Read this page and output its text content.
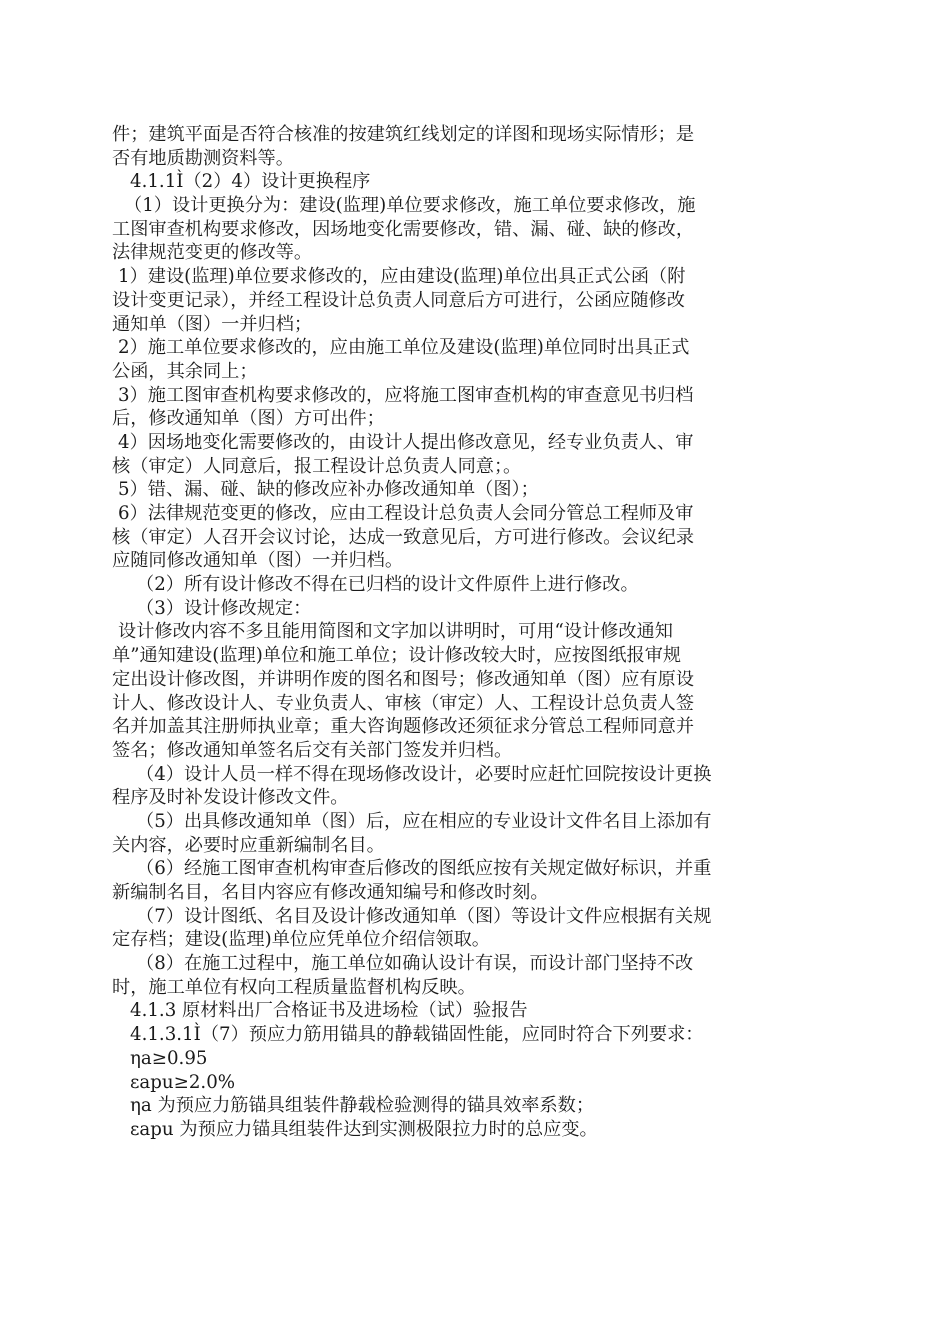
件；建筑平面是否符合核准的按建筑红线划定的详图和现场实际情形；是
否有地质勘测资料等。
4.1.1Ì（2）4）设计更换程序
（1）设计更换分为：建设(监理)单位要求修改，施工单位要求修改，施
工图审查机构要求修改，因场地变化需要修改，错、漏、碰、缺的修改，
法律规范变更的修改等。
1）建设(监理)单位要求修改的，应由建设(监理)单位出具正式公函（附
设计变更记录），并经工程设计总负责人同意后方可进行，公函应随修改
通知单（图）一并归档；
2）施工单位要求修改的，应由施工单位及建设(监理)单位同时出具正式
公函，其余同上；
3）施工图审查机构要求修改的，应将施工图审查机构的审查意见书归档
后，修改通知单（图）方可出件；
4）因场地变化需要修改的，由设计人提出修改意见，经专业负责人、审
核（审定）人同意后，报工程设计总负责人同意；。
5）错、漏、碰、缺的修改应补办修改通知单（图）；
6）法律规范变更的修改，应由工程设计总负责人会同分管总工程师及审
核（审定）人召开会议讨论，达成一致意见后，方可进行修改。会议纪录
应随同修改通知单（图）一并归档。
（2）所有设计修改不得在已归档的设计文件原件上进行修改。
（3）设计修改规定：
设计修改内容不多且能用简图和文字加以讲明时，可用“设计修改通知
单”通知建设(监理)单位和施工单位；设计修改较大时，应按图纸报审规
定出设计修改图，并讲明作废的图名和图号；修改通知单（图）应有原设
计人、修改设计人、专业负责人、审核（审定）人、工程设计总负责人签
名并加盖其注册师执业章；重大咨询题修改还须征求分管总工程师同意并
签名；修改通知单签名后交有关部门签发并归档。
（4）设计人员一样不得在现场修改设计，必要时应赶忙回院按设计更换
程序及时补发设计修改文件。
（5）出具修改通知单（图）后，应在相应的专业设计文件名目上添加有
关内容，必要时应重新编制名目。
（6）经施工图审查机构审查后修改的图纸应按有关规定做好标识，并重
新编制名目，名目内容应有修改通知编号和修改时刻。
（7）设计图纸、名目及设计修改通知单（图）等设计文件应根据有关规
定存档；建设(监理)单位应凭单位介绍信领取。
（8）在施工过程中，施工单位如确认设计有误，而设计部门坚持不改
时，施工单位有权向工程质量监督机构反映。
4.1.3 原材料出厂合格证书及进场检（试）验报告
4.1.3.1Ì（7）预应力筋用锚具的静载锚固性能，应同时符合下列要求：
ηa≥0.95
εapu≥2.0%
ηa 为预应力筋锚具组装件静载检验测得的锚具效率系数；
εapu 为预应力锚具组装件达到实测极限拉力时的总应变。
